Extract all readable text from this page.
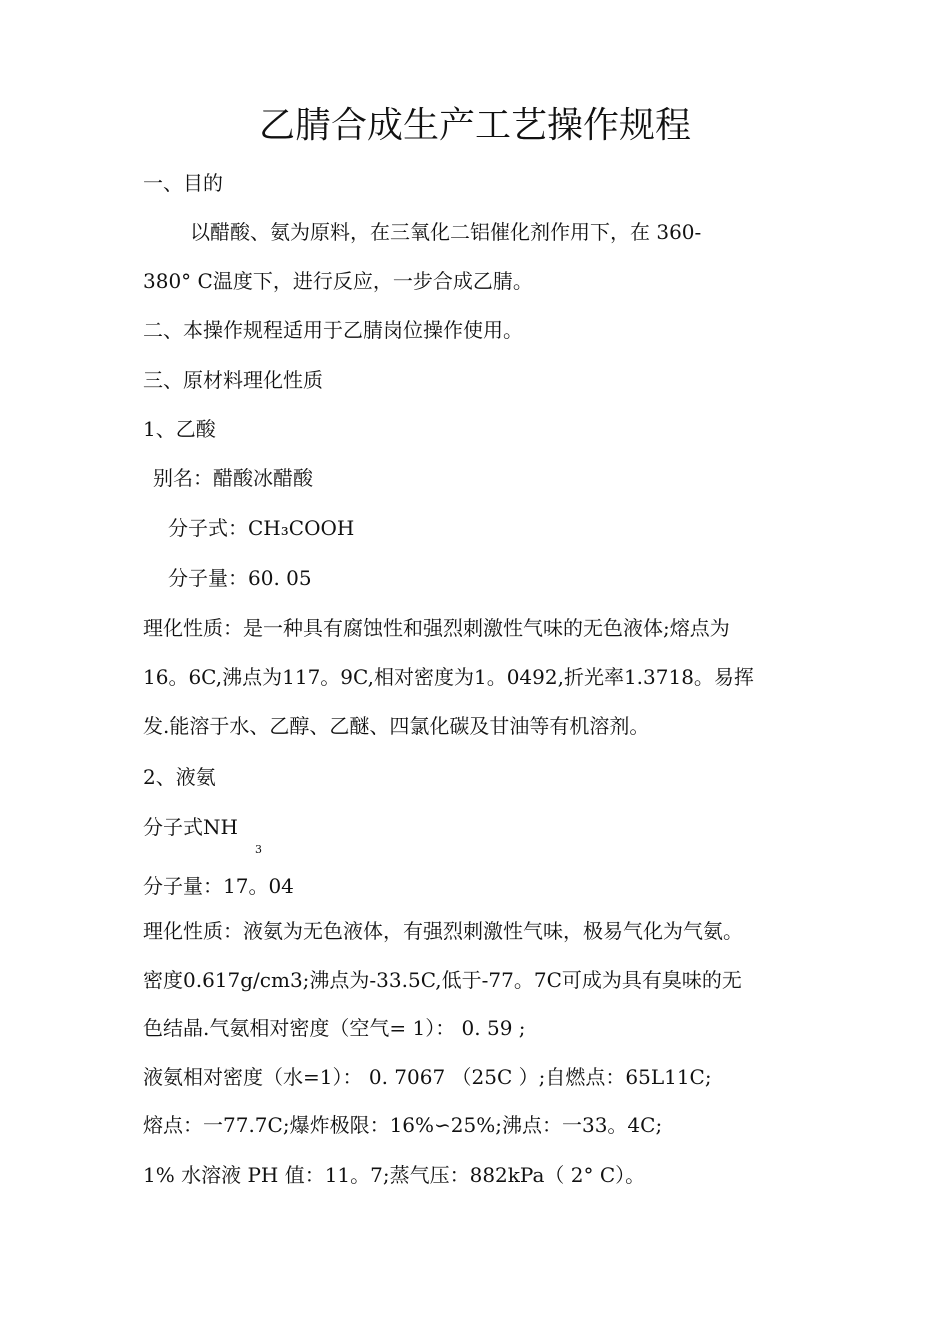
乙腈合成生产工艺操作规程
一、目的
以醋酸、氨为原料，在三氧化二铝催化剂作用下，在 360-
380° C温度下，进行反应，一步合成乙腈。
二、本操作规程适用于乙腈岗位操作使用。
三、原材料理化性质
1、乙酸
别名：醋酸冰醋酸
分子式：CH₃COOH
分子量：60. 05
理化性质：是一种具有腐蚀性和强烈刺激性气味的无色液体;熔点为
16。6C,沸点为117。9C,相对密度为1。0492,折光率1.3718。易挥
发.能溶于水、乙醇、乙醚、四氯化碳及甘油等有机溶剂。
2、液氨
分子式NH
3
分子量：17。04
理化性质：液氨为无色液体，有强烈刺激性气味，极易气化为气氨。
密度0.617g/cm3;沸点为-33.5C,低于-77。7C可成为具有臭味的无
色结晶.气氨相对密度（空气= 1）： 0. 59 ;
液氨相对密度（水=1）： 0. 7067 （25C ）;自燃点：65L11C;
熔点：一77.7C;爆炸极限：16%∽25%;沸点：一33。4C;
1% 水溶液 PH 值：11。7;蒸气压：882kPa（ 2° C）。
